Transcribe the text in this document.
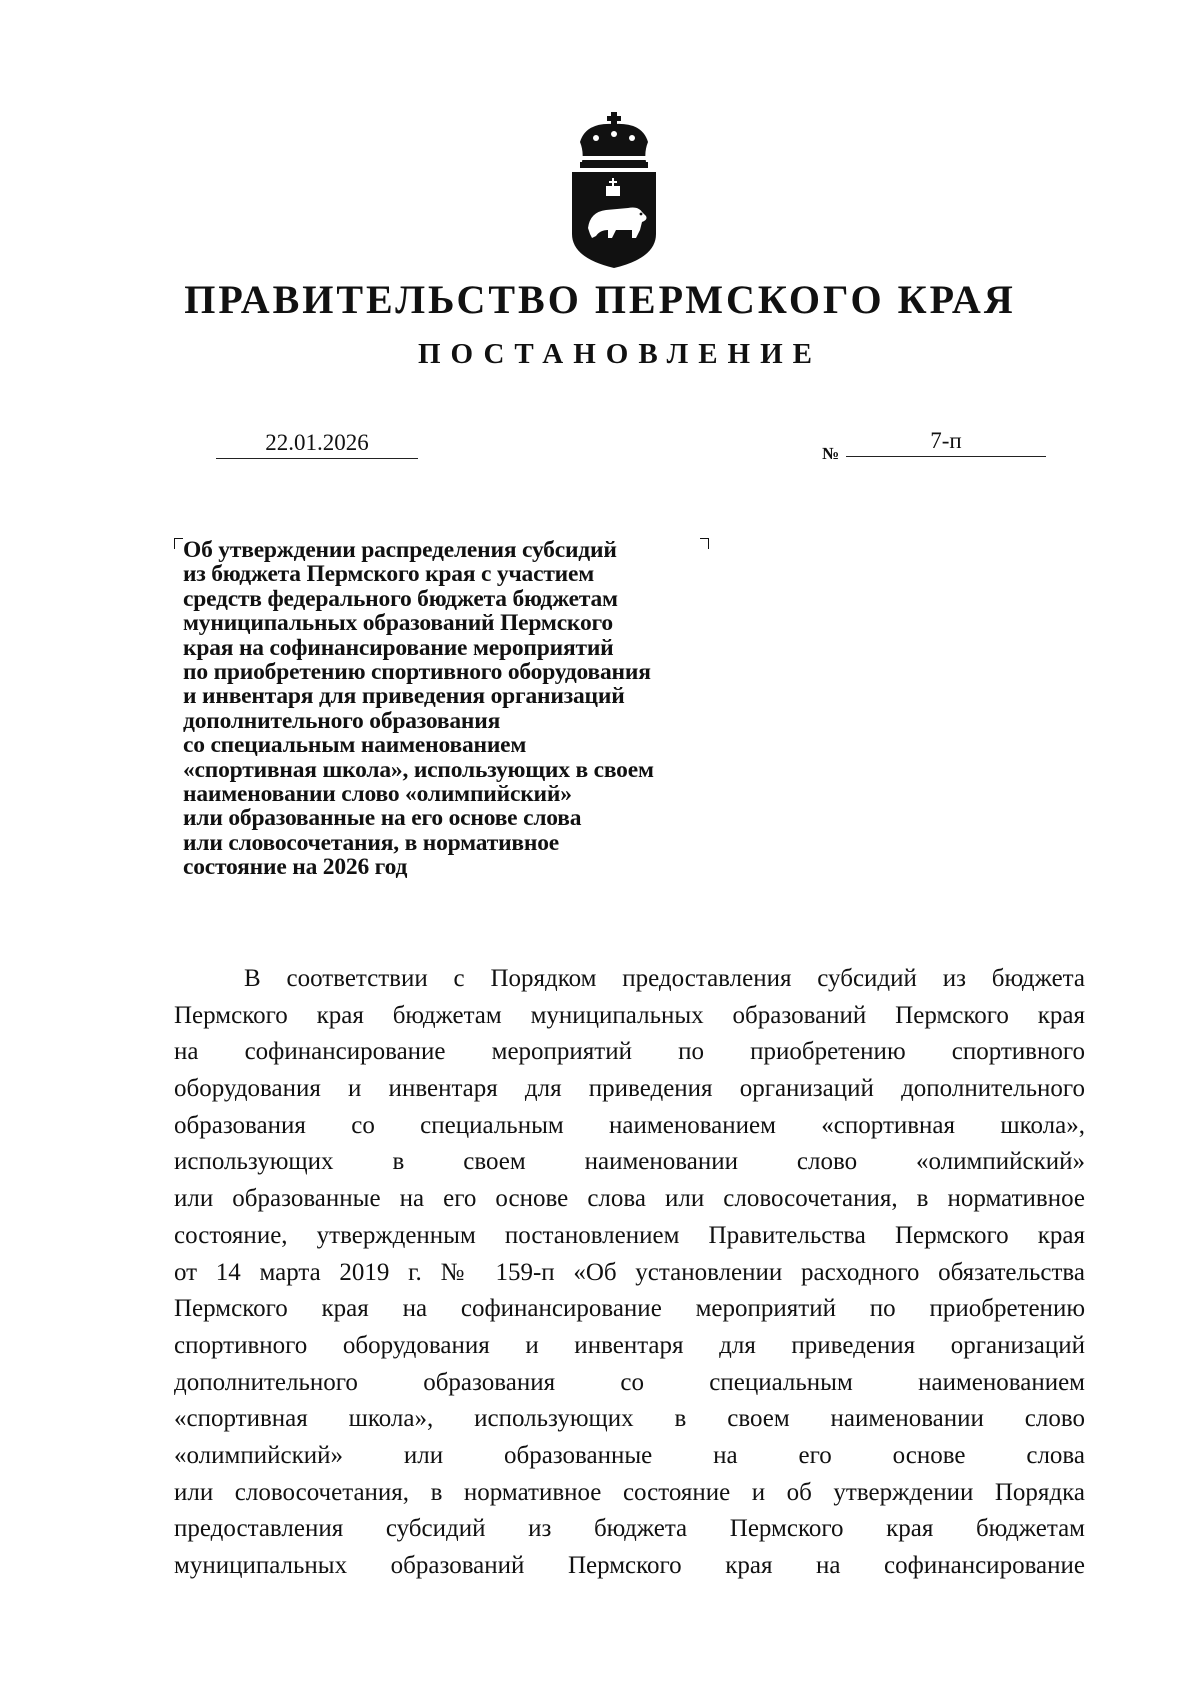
ПРАВИТЕЛЬСТВО ПЕРМСКОГО КРАЯ
ПОСТАНОВЛЕНИЕ
22.01.2026	№
7-п
Об утверждении распределения субсидий
из бюджета Пермского края с участием
средств федерального бюджета бюджетам
муниципальных образований Пермского
края на софинансирование мероприятий
по приобретению спортивного оборудования
и инвентаря для приведения организаций
дополнительного образования
со специальным наименованием
«спортивная школа», использующих в своем
наименовании слово «олимпийский»
или образованные на его основе слова
или словосочетания, в нормативное
состояние на 2026 год
В соответствии с Порядком предоставления субсидий из бюджета
Пермского края бюджетам муниципальных образований Пермского края
на софинансирование мероприятий по приобретению спортивного
оборудования и инвентаря для приведения организаций дополнительного
образования со специальным наименованием «спортивная школа»,
использующих в своем наименовании слово «олимпийский»
или образованные на его основе слова или словосочетания, в нормативное
состояние, утвержденным постановлением Правительства Пермского края
от 14 марта 2019 г. № 159-п «Об установлении расходного обязательства
Пермского края на софинансирование мероприятий по приобретению
спортивного оборудования и инвентаря для приведения организаций
дополнительного образования со специальным наименованием
«спортивная школа», использующих в своем наименовании слово
«олимпийский» или образованные на его основе слова
или словосочетания, в нормативное состояние и об утверждении Порядка
предоставления субсидий из бюджета Пермского края бюджетам
муниципальных образований Пермского края на софинансирование
